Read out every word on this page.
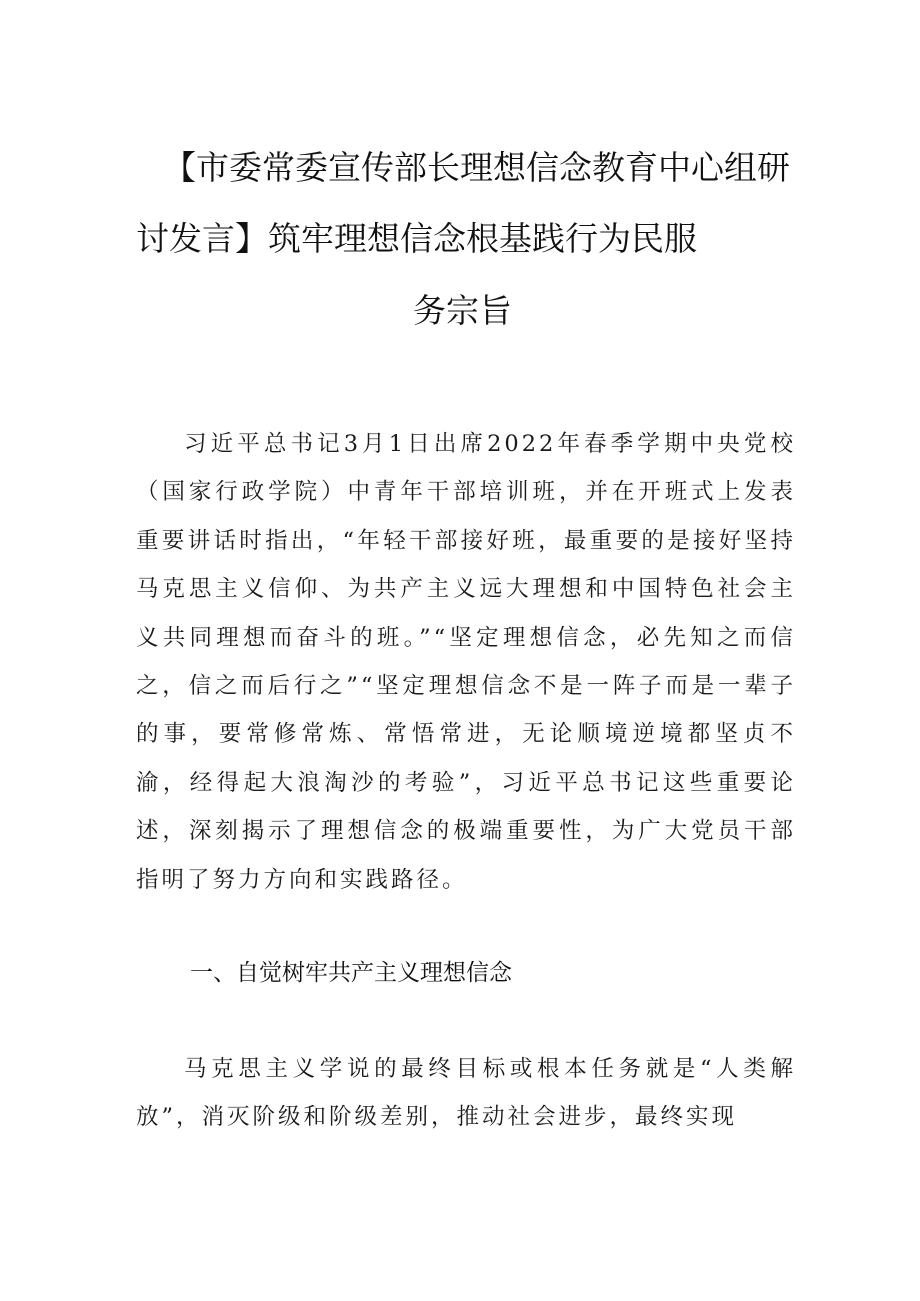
【市委常委宣传部长理想信念教育中心组研
讨发言】筑牢理想信念根基践行为民服
务宗旨
习近平总书记3月1日出席2022年春季学期中央党校（国家行政学院）中青年干部培训班，并在开班式上发表重要讲话时指出，“年轻干部接好班，最重要的是接好坚持马克思主义信仰、为共产主义远大理想和中国特色社会主义共同理想而奋斗的班。”“坚定理想信念，必先知之而信之，信之而后行之”“坚定理想信念不是一阵子而是一辈子的事，要常修常炼、常悟常进，无论顺境逆境都坚贞不渝，经得起大浪淘沙的考验”，习近平总书记这些重要论述，深刻揭示了理想信念的极端重要性，为广大党员干部指明了努力方向和实践路径。
一、自觉树牢共产主义理想信念
马克思主义学说的最终目标或根本任务就是“人类解放”，消灭阶级和阶级差别，推动社会进步，最终实现
